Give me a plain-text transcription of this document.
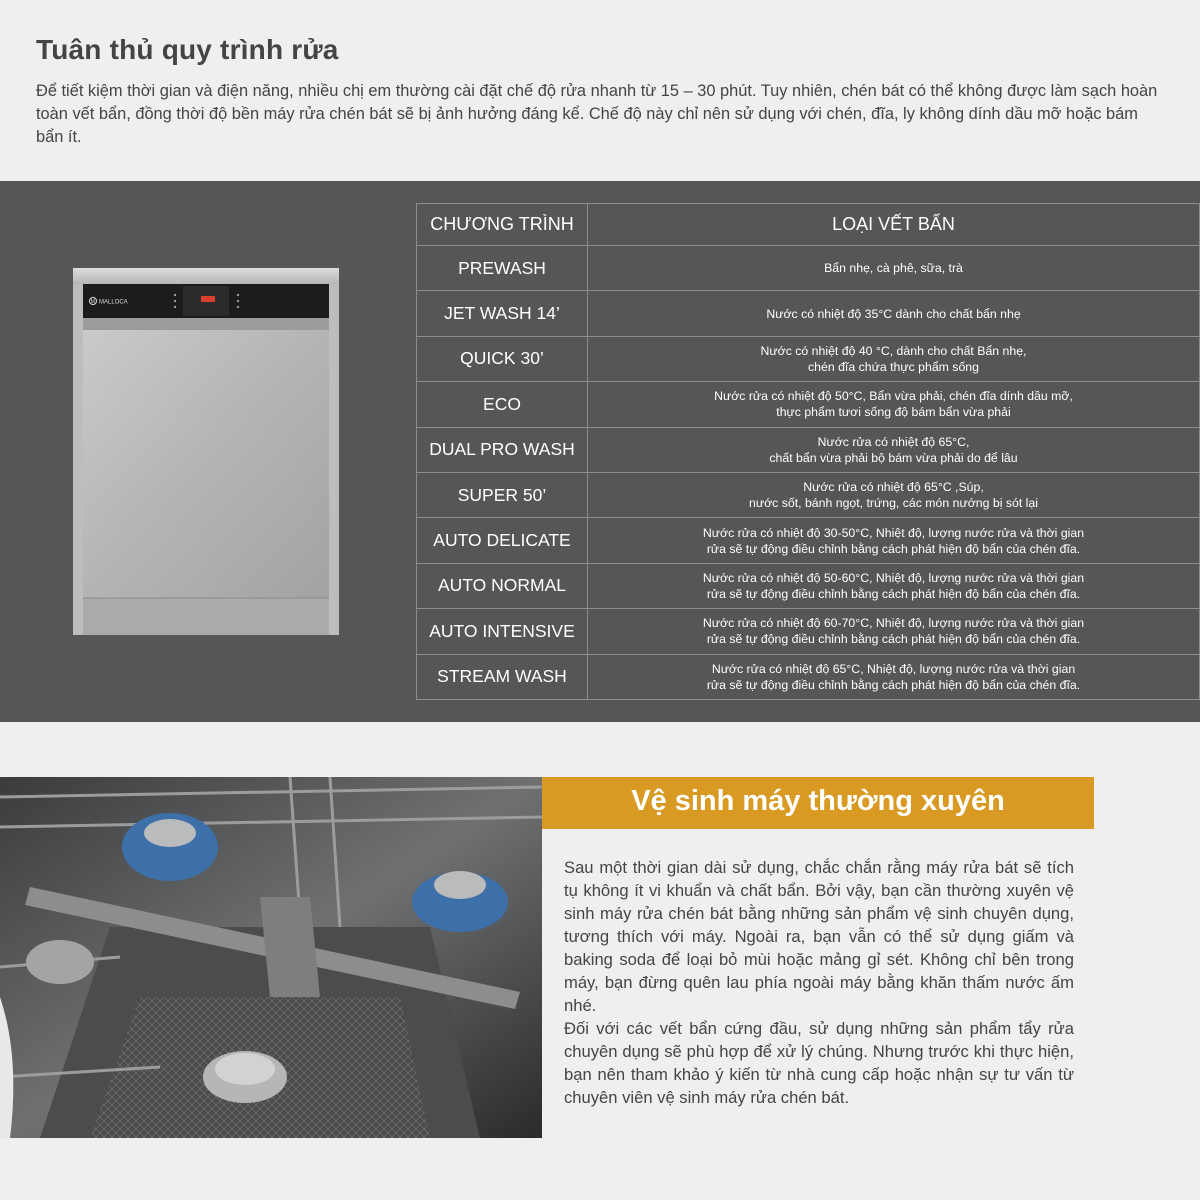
Tuân thủ quy trình rửa

Để tiết kiệm thời gian và điện năng, nhiều chị em thường cài đặt chế độ rửa nhanh từ 15 – 30 phút. Tuy nhiên, chén bát có thể không được làm sạch hoàn toàn vết bẩn, đồng thời độ bền máy rửa chén bát sẽ bị ảnh hưởng đáng kể. Chế độ này chỉ nên sử dụng với chén, đĩa, ly không dính dầu mỡ hoặc bám bẩn ít.

M MALLOCA
CHƯƠNG TRÌNH	LOẠI VẾT BẨN
PREWASH	Bẩn nhẹ, cà phê, sữa, trà
JET WASH 14’	Nước có nhiệt độ 35°C dành cho chất bẩn nhẹ
QUICK 30’	Nước có nhiệt độ 40 °C, dành cho chất Bẩn nhẹ,
chén đĩa chứa thực phẩm sống
ECO	Nước rửa có nhiệt độ 50°C, Bẩn vừa phải, chén đĩa dính dầu mỡ,
thực phẩm tươi sống độ bám bẩn vừa phải
DUAL PRO WASH	Nước rửa có nhiệt độ 65°C,
chất bẩn vừa phải bộ bám vừa phải do để lâu
SUPER 50’	Nước rửa có nhiệt độ 65°C ,Súp,
nước sốt, bánh ngọt, trứng, các món nướng bị sót lại
AUTO DELICATE	Nước rửa có nhiệt độ 30-50°C, Nhiệt độ, lượng nước rửa và thời gian
rửa sẽ tự động điều chỉnh bằng cách phát hiện độ bẩn của chén đĩa.
AUTO NORMAL	Nước rửa có nhiệt độ 50-60°C, Nhiệt độ, lượng nước rửa và thời gian
rửa sẽ tự động điều chỉnh bằng cách phát hiện độ bẩn của chén đĩa.
AUTO INTENSIVE	Nước rửa có nhiệt độ 60-70°C, Nhiệt độ, lượng nước rửa và thời gian
rửa sẽ tự động điều chỉnh bằng cách phát hiện độ bẩn của chén đĩa.
STREAM WASH	Nước rửa có nhiệt độ 65°C, Nhiệt độ, lượng nước rửa và thời gian
rửa sẽ tự động điều chỉnh bằng cách phát hiện độ bẩn của chén đĩa.
Vệ sinh máy thường xuyên

Sau một thời gian dài sử dụng, chắc chắn rằng máy rửa bát sẽ tích tụ không ít vi khuẩn và chất bẩn. Bởi vậy, bạn cần thường xuyên vệ sinh máy rửa chén bát bằng những sản phẩm vệ sinh chuyên dụng, tương thích với máy. Ngoài ra, bạn vẫn có thể sử dụng giấm và baking soda để loại bỏ mùi hoặc mảng gỉ sét. Không chỉ bên trong máy, bạn đừng quên lau phía ngoài máy bằng khăn thấm nước ấm nhé.

Đối với các vết bẩn cứng đầu, sử dụng những sản phẩm tẩy rửa chuyên dụng sẽ phù hợp để xử lý chúng. Nhưng trước khi thực hiện, bạn nên tham khảo ý kiến từ nhà cung cấp hoặc nhận sự tư vấn từ chuyên viên vệ sinh máy rửa chén bát.
